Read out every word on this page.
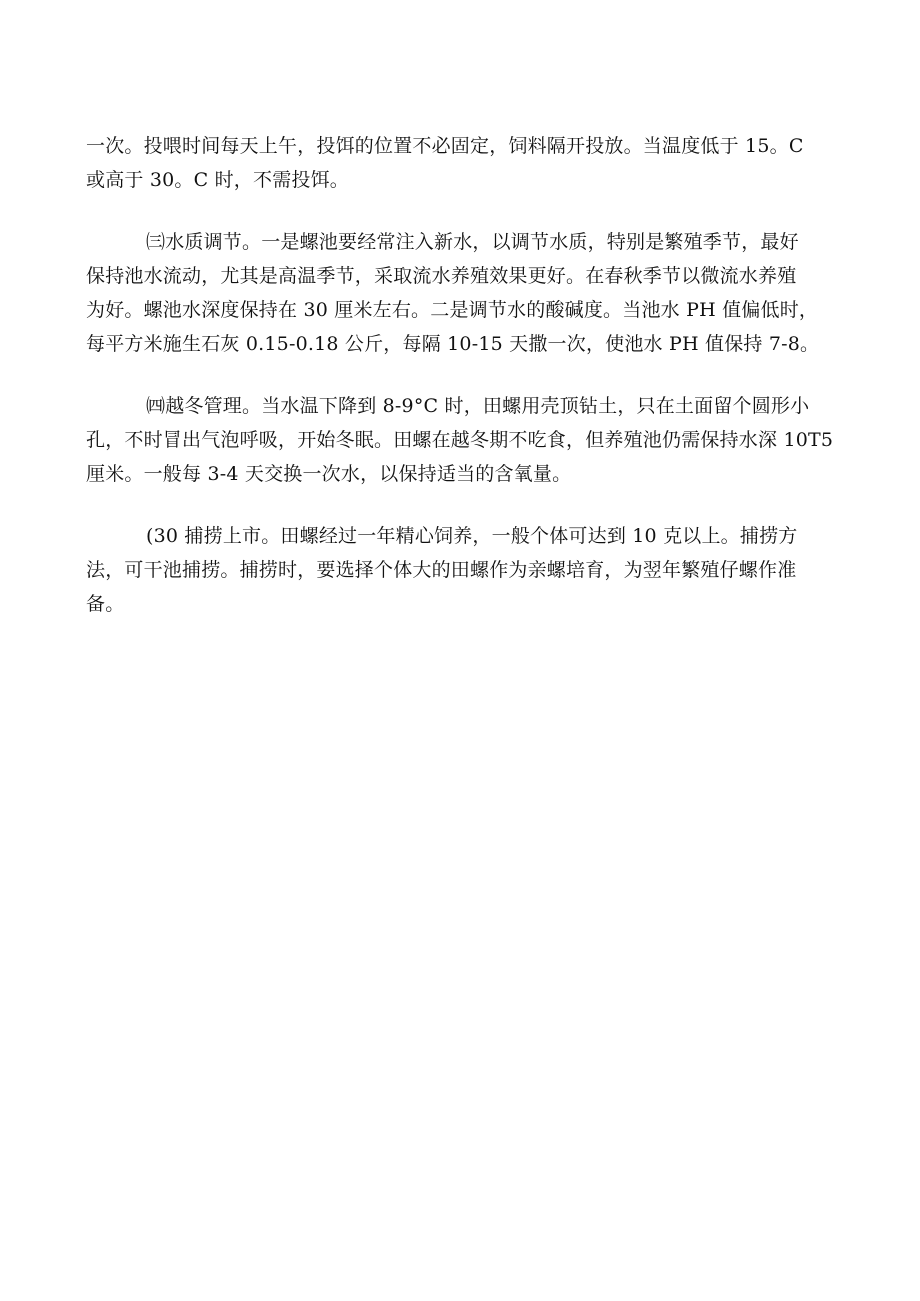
一次。投喂时间每天上午，投饵的位置不必固定，饲料隔开投放。当温度低于 15。C
或高于 30。C 时，不需投饵。
㈢水质调节。一是螺池要经常注入新水，以调节水质，特别是繁殖季节，最好
保持池水流动，尤其是高温季节，采取流水养殖效果更好。在春秋季节以微流水养殖
为好。螺池水深度保持在 30 厘米左右。二是调节水的酸碱度。当池水 PH 值偏低时，
每平方米施生石灰 0.15-0.18 公斤，每隔 10-15 天撒一次，使池水 PH 值保持 7-8。
㈣越冬管理。当水温下降到 8-9°C 时，田螺用壳顶钻土，只在土面留个圆形小
孔，不时冒出气泡呼吸，开始冬眠。田螺在越冬期不吃食，但养殖池仍需保持水深 10T5
厘米。一般每 3-4 天交换一次水，以保持适当的含氧量。
(30 捕捞上市。田螺经过一年精心饲养，一般个体可达到 10 克以上。捕捞方
法，可干池捕捞。捕捞时，要选择个体大的田螺作为亲螺培育，为翌年繁殖仔螺作准
备。
